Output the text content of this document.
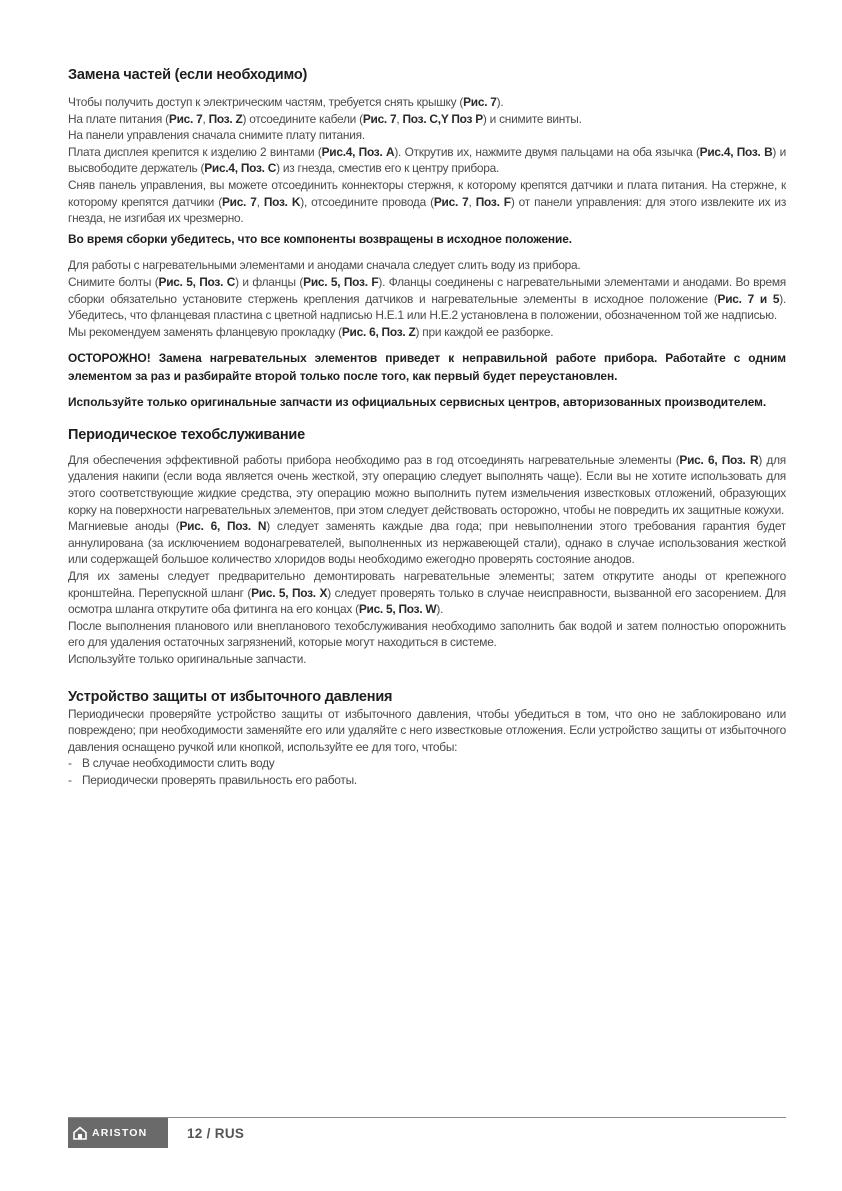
Замена частей (если необходимо)

Чтобы получить доступ к электрическим частям, требуется снять крышку (Рис. 7).
На плате питания (Рис. 7, Поз. Z) отсоедините кабели (Рис. 7, Поз. C,Y Поз P) и снимите винты.
На панели управления сначала снимите плату питания.
Плата дисплея крепится к изделию 2 винтами (Рис.4, Поз. A). Открутив их, нажмите двумя пальцами на оба язычка (Рис.4, Поз. B) и высвободите держатель (Рис.4, Поз. C) из гнезда, сместив его к центру прибора.
Сняв панель управления, вы можете отсоединить коннекторы стержня, к которому крепятся датчики и плата питания. На стержне, к которому крепятся датчики (Рис. 7, Поз. K), отсоедините провода (Рис. 7, Поз. F) от панели управления: для этого извлеките их из гнезда, не изгибая их чрезмерно.

Во время сборки убедитесь, что все компоненты возвращены в исходное положение.

Для работы с нагревательными элементами и анодами сначала следует слить воду из прибора.
Снимите болты (Рис. 5, Поз. C) и фланцы (Рис. 5, Поз. F). Фланцы соединены с нагревательными элементами и анодами. Во время сборки обязательно установите стержень крепления датчиков и нагревательные элементы в исходное положение (Рис. 7 и 5). Убедитесь, что фланцевая пластина с цветной надписью H.E.1 или H.E.2 установлена в положении, обозначенном той же надписью.
Мы рекомендуем заменять фланцевую прокладку (Рис. 6, Поз. Z) при каждой ее разборке.

ОСТОРОЖНО! Замена нагревательных элементов приведет к неправильной работе прибора. Работайте с одним элементом за раз и разбирайте второй только после того, как первый будет переустановлен.

Используйте только оригинальные запчасти из официальных сервисных центров, авторизованных производителем.

Периодическое техобслуживание

Для обеспечения эффективной работы прибора необходимо раз в год отсоединять нагревательные элементы (Рис. 6, Поз. R) для удаления накипи (если вода является очень жесткой, эту операцию следует выполнять чаще). Если вы не хотите использовать для этого соответствующие жидкие средства, эту операцию можно выполнить путем измельчения известковых отложений, образующих корку на поверхности нагревательных элементов, при этом следует действовать осторожно, чтобы не повредить их защитные кожухи.
Магниевые аноды (Рис. 6, Поз. N) следует заменять каждые два года; при невыполнении этого требования гарантия будет аннулирована (за исключением водонагревателей, выполненных из нержавеющей стали), однако в случае использования жесткой или содержащей большое количество хлоридов воды необходимо ежегодно проверять состояние анодов.
Для их замены следует предварительно демонтировать нагревательные элементы; затем открутите аноды от крепежного кронштейна. Перепускной шланг (Рис. 5, Поз. X) следует проверять только в случае неисправности, вызванной его засорением. Для осмотра шланга открутите оба фитинга на его концах (Рис. 5, Поз. W).
После выполнения планового или внепланового техобслуживания необходимо заполнить бак водой и затем полностью опорожнить его для удаления остаточных загрязнений, которые могут находиться в системе.
Используйте только оригинальные запчасти.

Устройство защиты от избыточного давления

Периодически проверяйте устройство защиты от избыточного давления, чтобы убедиться в том, что оно не заблокировано или повреждено; при необходимости заменяйте его или удаляйте с него известковые отложения. Если устройство защиты от избыточного давления оснащено ручкой или кнопкой, используйте ее для того, чтобы:

- В случае необходимости слить воду
- Периодически проверять правильность его работы.
ARISTON	12 / RUS
